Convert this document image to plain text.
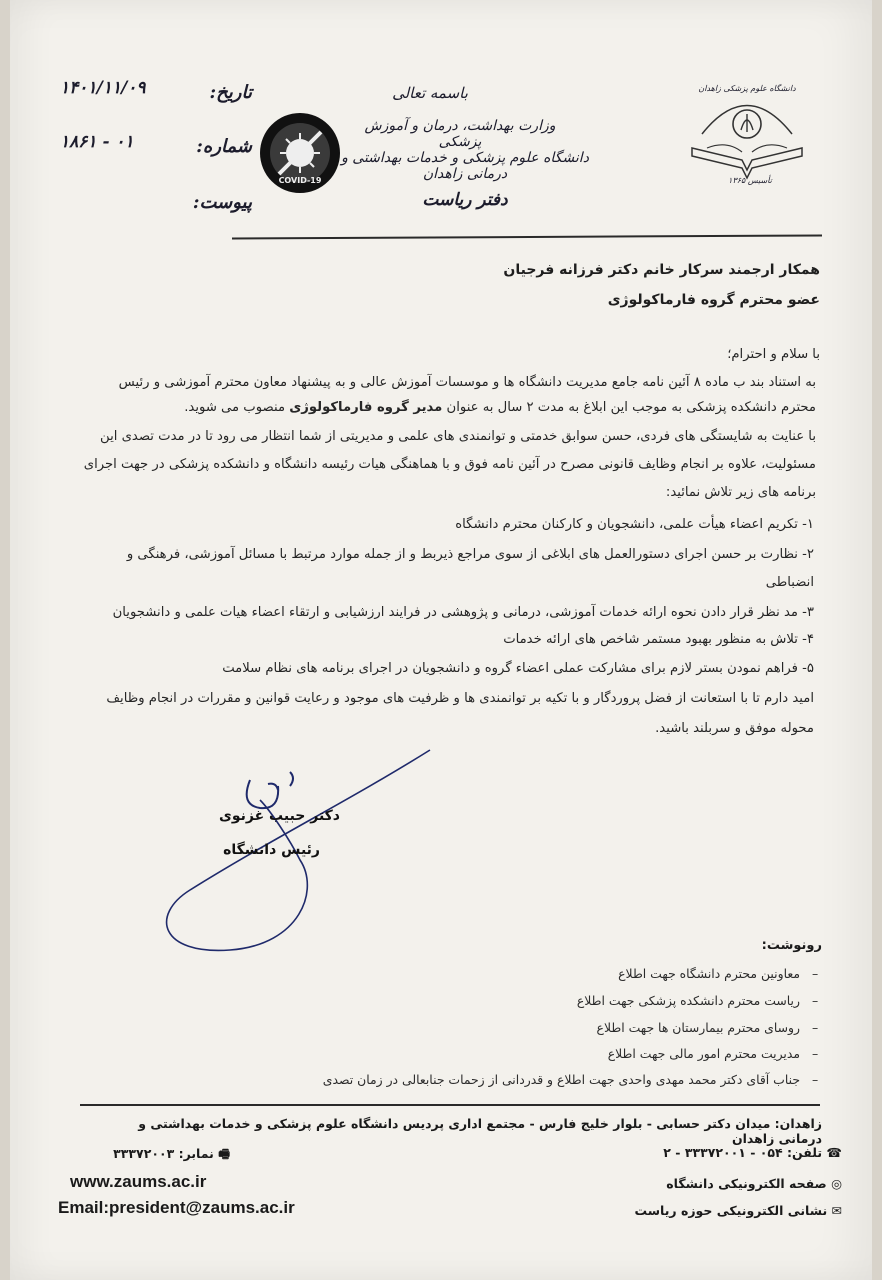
دانشگاه علوم پزشکی زاهدان
تأسیس ۱۳۶۵
باسمه تعالی
وزارت بهداشت، درمان و آموزش پزشکی
دانشگاه علوم پزشکی و خدمات بهداشتی و درمانی زاهدان
دفتر ریاست
COVID-19
تاریخ:
شماره:
پیوست:
۱۴۰۱/۱۱/۰۹
۱۸۶۱ - ۰۱
همکار ارجمند سرکار خانم دکتر فرزانه فرجیان
عضو محترم گروه فارماکولوژی
با سلام و احترام؛
به استناد بند ب ماده ۸ آئین نامه جامع مدیریت دانشگاه ها و موسسات آموزش عالی و به پیشنهاد معاون محترم آموزشی و رئیس
محترم دانشکده پزشکی به موجب این ابلاغ به مدت ۲ سال به عنوان مدیر گروه فارماکولوژی منصوب می شوید.
با عنایت به شایستگی های فردی، حسن سوابق خدمتی و توانمندی های علمی و مدیریتی از شما انتظار می رود تا در مدت تصدی این
مسئولیت، علاوه بر انجام وظایف قانونی مصرح در آئین نامه فوق و با هماهنگی هیات رئیسه دانشگاه و دانشکده پزشکی در جهت اجرای
برنامه های زیر تلاش نمائید:
۱- تکریم اعضاء هیأت علمی، دانشجویان و کارکنان محترم دانشگاه
۲- نظارت بر حسن اجرای دستورالعمل های ابلاغی از سوی مراجع ذیربط و از جمله موارد مرتبط با مسائل آموزشی، فرهنگی و
انضباطی
۳- مد نظر قرار دادن نحوه ارائه خدمات آموزشی، درمانی و پژوهشی در فرایند ارزشیابی و ارتقاء اعضاء هیات علمی و دانشجویان
۴- تلاش به منظور بهبود مستمر شاخص های ارائه خدمات
۵- فراهم نمودن بستر لازم برای مشارکت عملی اعضاء گروه و دانشجویان در اجرای برنامه های نظام سلامت
امید دارم تا با استعانت از فضل پروردگار و با تکیه بر توانمندی ها و ظرفیت های موجود و رعایت قوانین و مقررات در انجام وظایف
محوله موفق و سربلند باشید.
دکتر حبیب غزنوی
رئیس دانشگاه
رونوشت:
معاونین محترم دانشگاه جهت اطلاع
ریاست محترم دانشکده پزشکی جهت اطلاع
روسای محترم بیمارستان ها جهت اطلاع
مدیریت محترم امور مالی جهت اطلاع
جناب آقای دکتر محمد مهدی واحدی جهت اطلاع و قدردانی از زحمات جنابعالی در زمان تصدی
–
–
–
–
–
زاهدان: میدان دکتر حسابی - بلوار خلیج فارس - مجتمع اداری پردیس دانشگاه علوم پزشکی و خدمات بهداشتی و درمانی زاهدان
☎ تلفن: ۰۵۴ - ۳۳۳۷۲۰۰۱ - ۲
🖷 نمابر: ۳۳۳۷۲۰۰۳
◎ صفحه الکترونیکی دانشگاه
www.zaums.ac.ir
✉ نشانی الکترونیکی حوزه ریاست
Email:president@zaums.ac.ir
